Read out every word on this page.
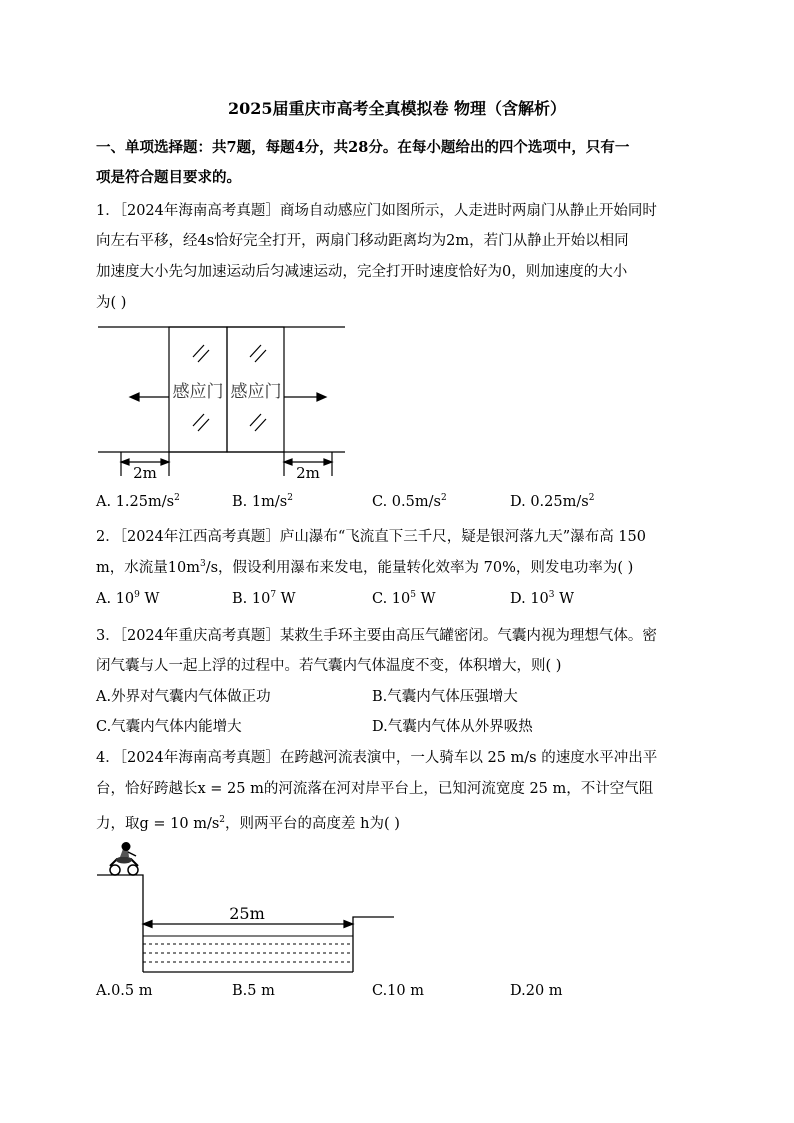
2025届重庆市高考全真模拟卷 物理（含解析）
一、单项选择题：共7题，每题4分，共28分。在每小题给出的四个选项中，只有一
项是符合题目要求的。
1．［2024年海南高考真题］商场自动感应门如图所示，人走进时两扇门从静止开始同时
向左右平移，经4s恰好完全打开，两扇门移动距离均为2m，若门从静止开始以相同
加速度大小先匀加速运动后匀减速运动，完全打开时速度恰好为0，则加速度的大小
为( )
感应门 感应门
2m	2m
A. $1.25m/s^2$	B. $1m/s^2$	C. $0.5m/s^2$	D. $0.25m/s^2$
2．［2024年江西高考真题］庐山瀑布“飞流直下三千尺，疑是银河落九天”瀑布高 150
m，水流量$10m^3/s$，假设利用瀑布来发电，能量转化效率为 70%，则发电功率为( )
A. $10^9$ W	B. $10^7$ W	C. $10^5$ W	D. $10^3$ W
3．［2024年重庆高考真题］某救生手环主要由高压气罐密闭。气囊内视为理想气体。密
闭气囊与人一起上浮的过程中。若气囊内气体温度不变，体积增大，则( )
A.外界对气囊内气体做正功	B.气囊内气体压强增大
C.气囊内气体内能增大	D.气囊内气体从外界吸热
4．［2024年海南高考真题］在跨越河流表演中，一人骑车以 25 m/s 的速度水平冲出平
台，恰好跨越长x = 25 m的河流落在河对岸平台上，已知河流宽度 25 m，不计空气阻
力，取g = 10 $m/s^2$，则两平台的高度差 h为( )
25m
A.0.5 m	B.5 m	C.10 m	D.20 m
